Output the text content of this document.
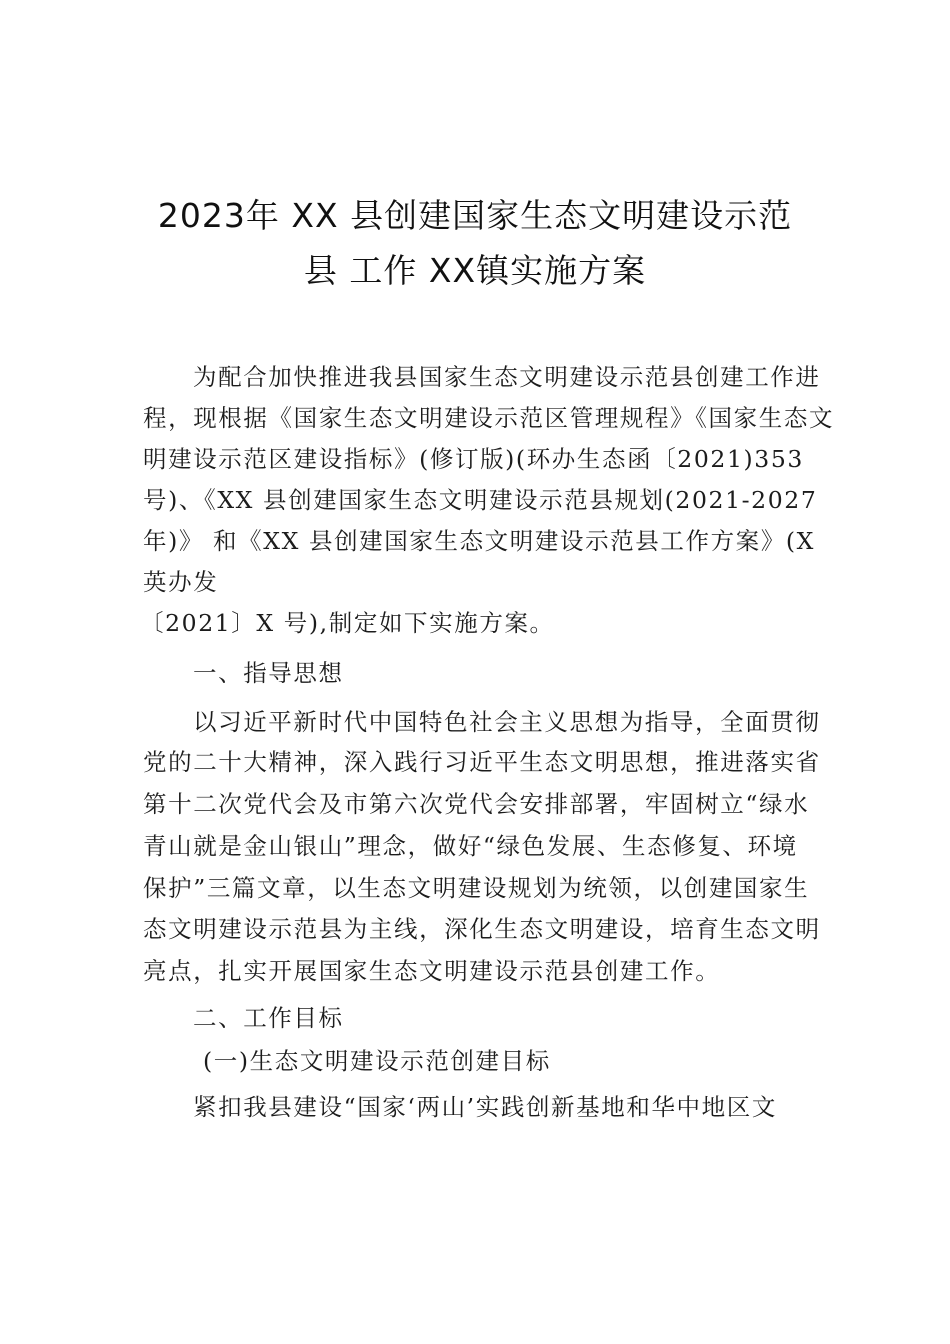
2023年 XX 县创建国家生态文明建设示范
县 工作 XX镇实施方案
为配合加快推进我县国家生态文明建设示范县创建工作进
程，现根据《国家生态文明建设示范区管理规程》《国家生态文
明建设示范区建设指标》(修订版)(环办生态函〔2021)353
号)、《XX 县创建国家生态文明建设示范县规划(2021-2027
年)》 和《XX 县创建国家生态文明建设示范县工作方案》(X
英办发
〔2021〕X 号),制定如下实施方案。
一、指导思想
以习近平新时代中国特色社会主义思想为指导，全面贯彻
党的二十大精神，深入践行习近平生态文明思想，推进落实省
第十二次党代会及市第六次党代会安排部署，牢固树立“绿水
青山就是金山银山”理念，做好“绿色发展、生态修复、环境
保护”三篇文章，以生态文明建设规划为统领，以创建国家生
态文明建设示范县为主线，深化生态文明建设，培育生态文明
亮点，扎实开展国家生态文明建设示范县创建工作。
二、工作目标
(一)生态文明建设示范创建目标
紧扣我县建设“国家‘两山’实践创新基地和华中地区文
